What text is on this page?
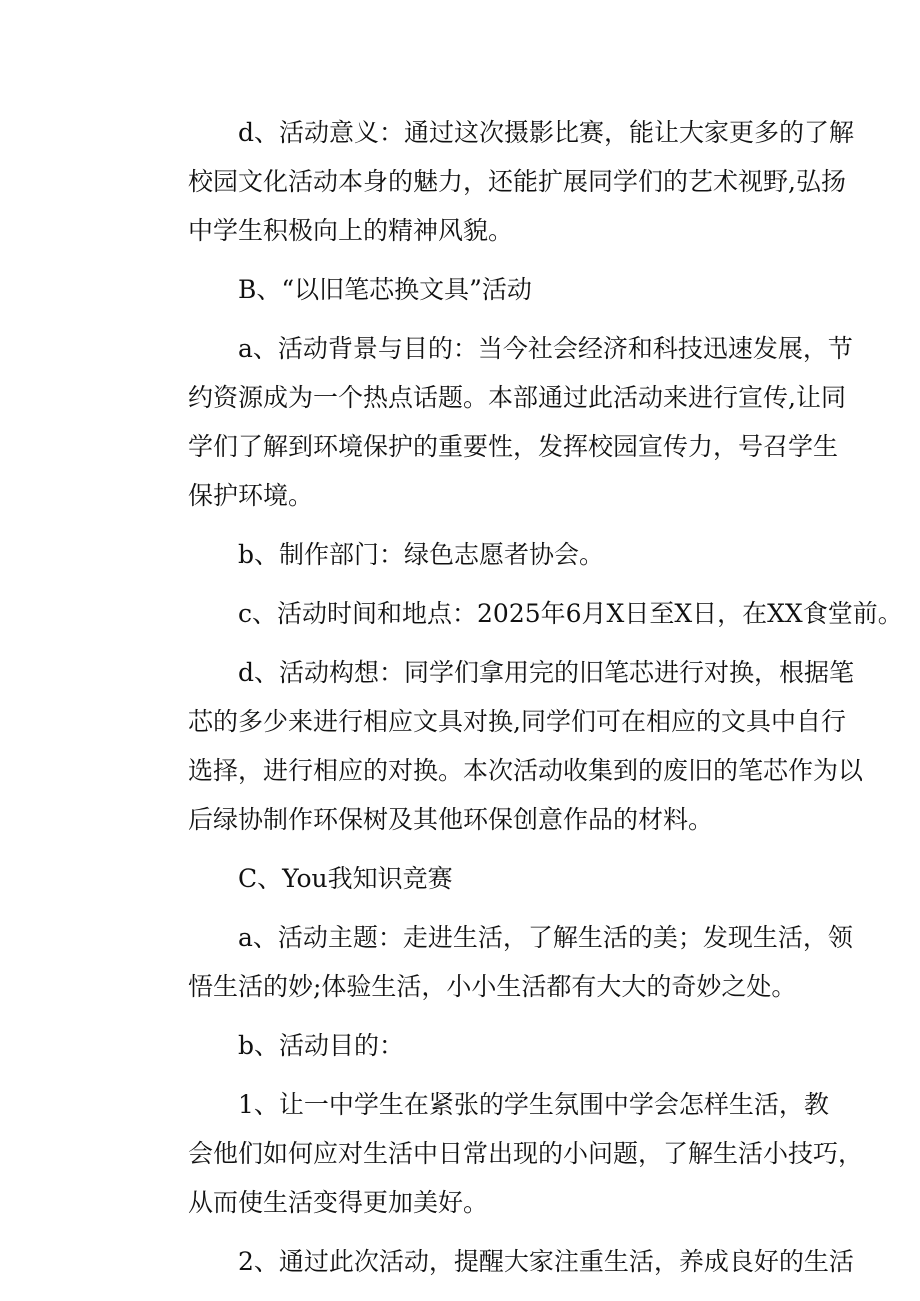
d、活动意义：通过这次摄影比赛，能让大家更多的了解
校园文化活动本身的魅力，还能扩展同学们的艺术视野,弘扬
中学生积极向上的精神风貌。
B、“以旧笔芯换文具”活动
a、活动背景与目的：当今社会经济和科技迅速发展，节
约资源成为一个热点话题。本部通过此活动来进行宣传,让同
学们了解到环境保护的重要性，发挥校园宣传力，号召学生
保护环境。
b、制作部门：绿色志愿者协会。
c、活动时间和地点：2025年6月X日至X日，在XX食堂前。
d、活动构想：同学们拿用完的旧笔芯进行对换，根据笔
芯的多少来进行相应文具对换,同学们可在相应的文具中自行
选择，进行相应的对换。本次活动收集到的废旧的笔芯作为以
后绿协制作环保树及其他环保创意作品的材料。
C、You我知识竞赛
a、活动主题：走进生活，了解生活的美；发现生活，领
悟生活的妙;体验生活，小小生活都有大大的奇妙之处。
b、活动目的：
1、让一中学生在紧张的学生氛围中学会怎样生活，教
会他们如何应对生活中日常出现的小问题，了解生活小技巧，
从而使生活变得更加美好。
2、通过此次活动，提醒大家注重生活，养成良好的生活
